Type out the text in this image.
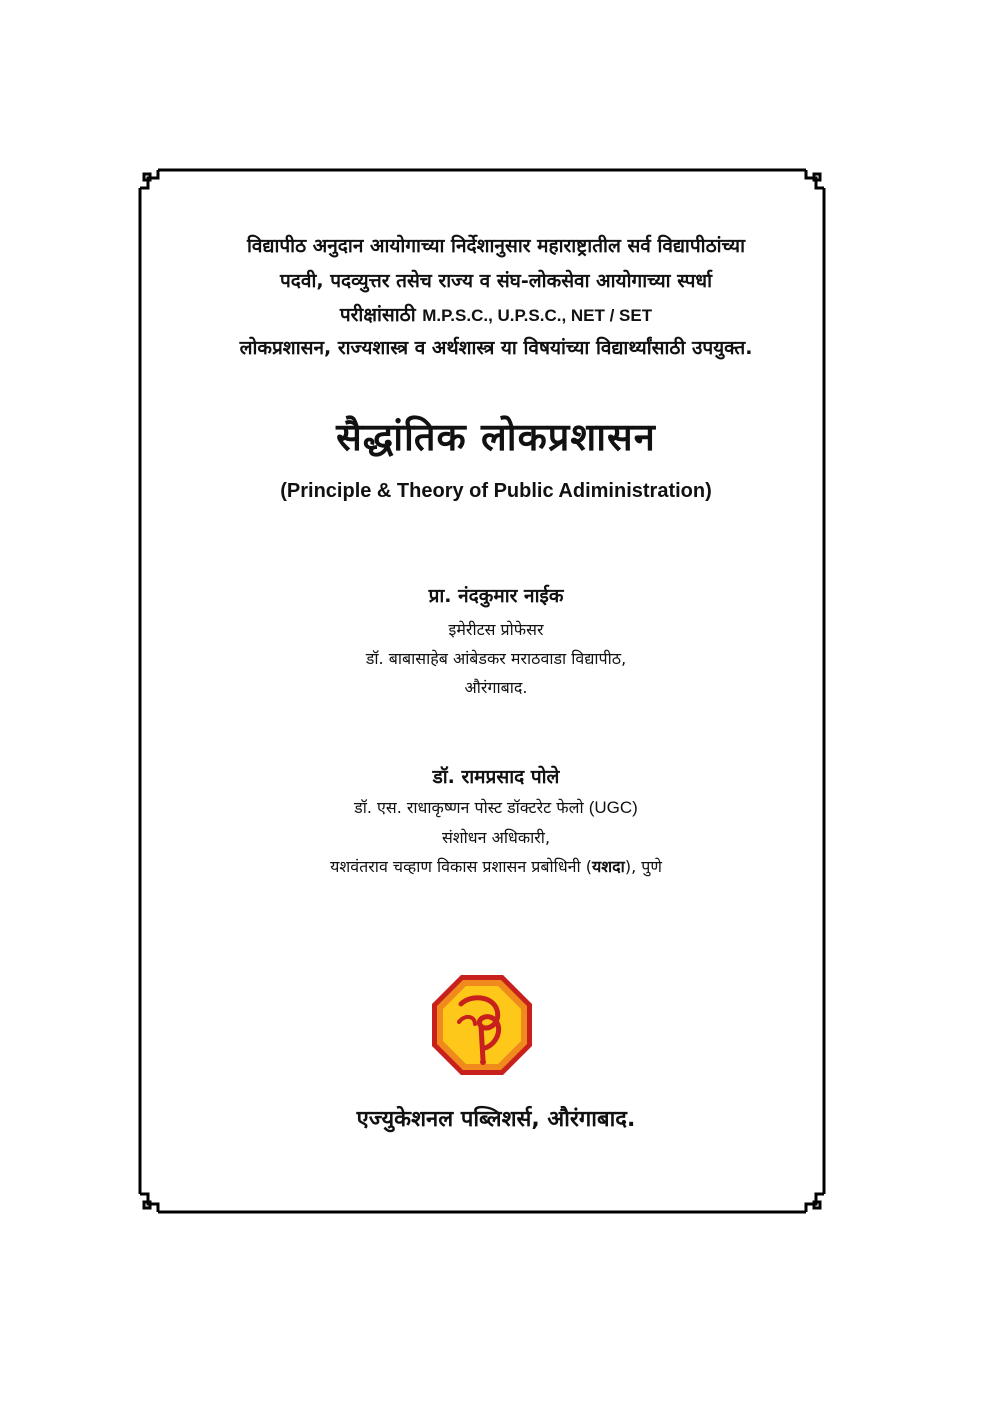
विद्यापीठ अनुदान आयोगाच्या निर्देशानुसार महाराष्ट्रातील सर्व विद्यापीठांच्या
पदवी, पदव्युत्तर तसेच राज्य व संघ-लोकसेवा आयोगाच्या स्पर्धा
परीक्षांसाठी M.P.S.C., U.P.S.C., NET / SET
लोकप्रशासन, राज्यशास्त्र व अर्थशास्त्र या विषयांच्या विद्यार्थ्यांसाठी उपयुक्त.
सैद्धांतिक लोकप्रशासन
(Principle & Theory of Public Adiministration)
प्रा. नंदकुमार नाईक
इमेरीटस प्रोफेसर
डॉ. बाबासाहेब आंबेडकर मराठवाडा विद्यापीठ,
औरंगाबाद.
डॉ. रामप्रसाद पोले
डॉ. एस. राधाकृष्णन पोस्ट डॉक्टरेट फेलो (UGC)
संशोधन अधिकारी,
यशवंतराव चव्हाण विकास प्रशासन प्रबोधिनी (यशदा), पुणे
एज्युकेशनल पब्लिशर्स, औरंगाबाद.
